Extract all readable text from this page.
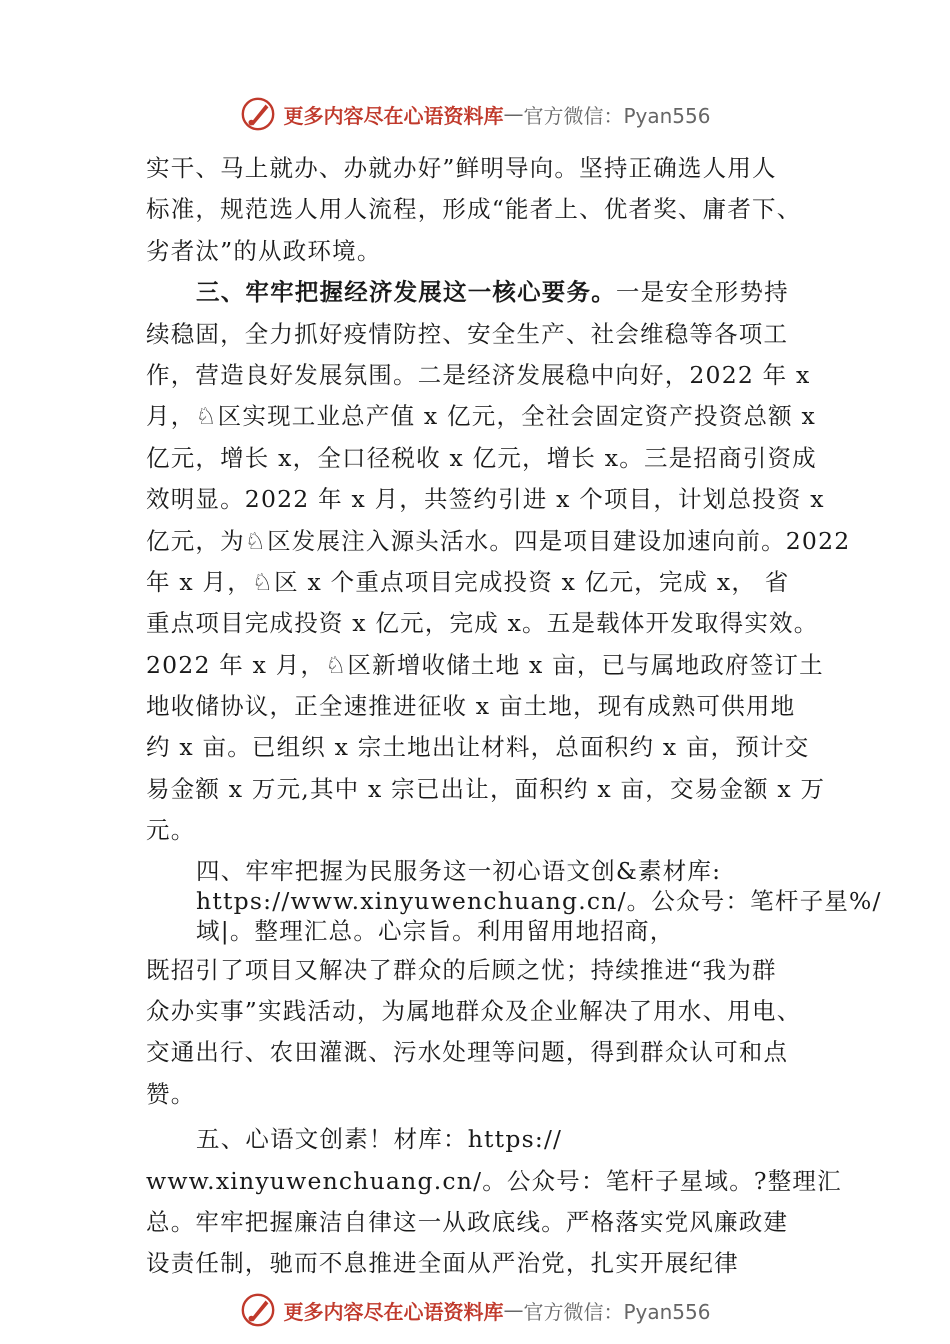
更多内容尽在心语资料库 — 官方微信：Pyan556
实干、马上就办、办就办好”鲜明导向。坚持正确选人用人
标准，规范选人用人流程，形成“能者上、优者奖、庸者下、
劣者汰”的从政环境。
三、牢牢把握经济发展这一核心要务。一是安全形势持
续稳固，全力抓好疫情防控、安全生产、社会维稳等各项工
作，营造良好发展氛围。二是经济发展稳中向好，2022 年 x
月，♘区实现工业总产值 x 亿元，全社会固定资产投资总额 x
亿元，增长 x，全口径税收 x 亿元，增长 x。三是招商引资成
效明显。2022 年 x 月，共签约引进 x 个项目，计划总投资 x
亿元，为♘区发展注入源头活水。四是项目建设加速向前。2022
年 x 月，♘区 x 个重点项目完成投资 x 亿元，完成 x， 省
重点项目完成投资 x 亿元，完成 x。五是载体开发取得实效。
2022 年 x 月，♘区新增收储土地 x 亩，已与属地政府签订土
地收储协议，正全速推进征收 x 亩土地，现有成熟可供用地
约 x 亩。已组织 x 宗土地出让材料，总面积约 x 亩，预计交
易金额 x 万元,其中 x 宗已出让，面积约 x 亩，交易金额 x 万
元。
四、牢牢把握为民服务这一初心语文创&素材库:
https://www.xinyuwenchuang.cn/。公众号：笔杆子星%/
域|。整理汇总。心宗旨。利用留用地招商，
既招引了项目又解决了群众的后顾之忧；持续推进“我为群
众办实事”实践活动，为属地群众及企业解决了用水、用电、
交通出行、农田灌溉、污水处理等问题，得到群众认可和点
赞。
五、心语文创素！材库：https://
www.xinyuwenchuang.cn/。公众号：笔杆子星域。?整理汇
总。牢牢把握廉洁自律这一从政底线。严格落实党风廉政建
设责任制，驰而不息推进全面从严治党，扎实开展纪律
更多内容尽在心语资料库 — 官方微信：Pyan556
